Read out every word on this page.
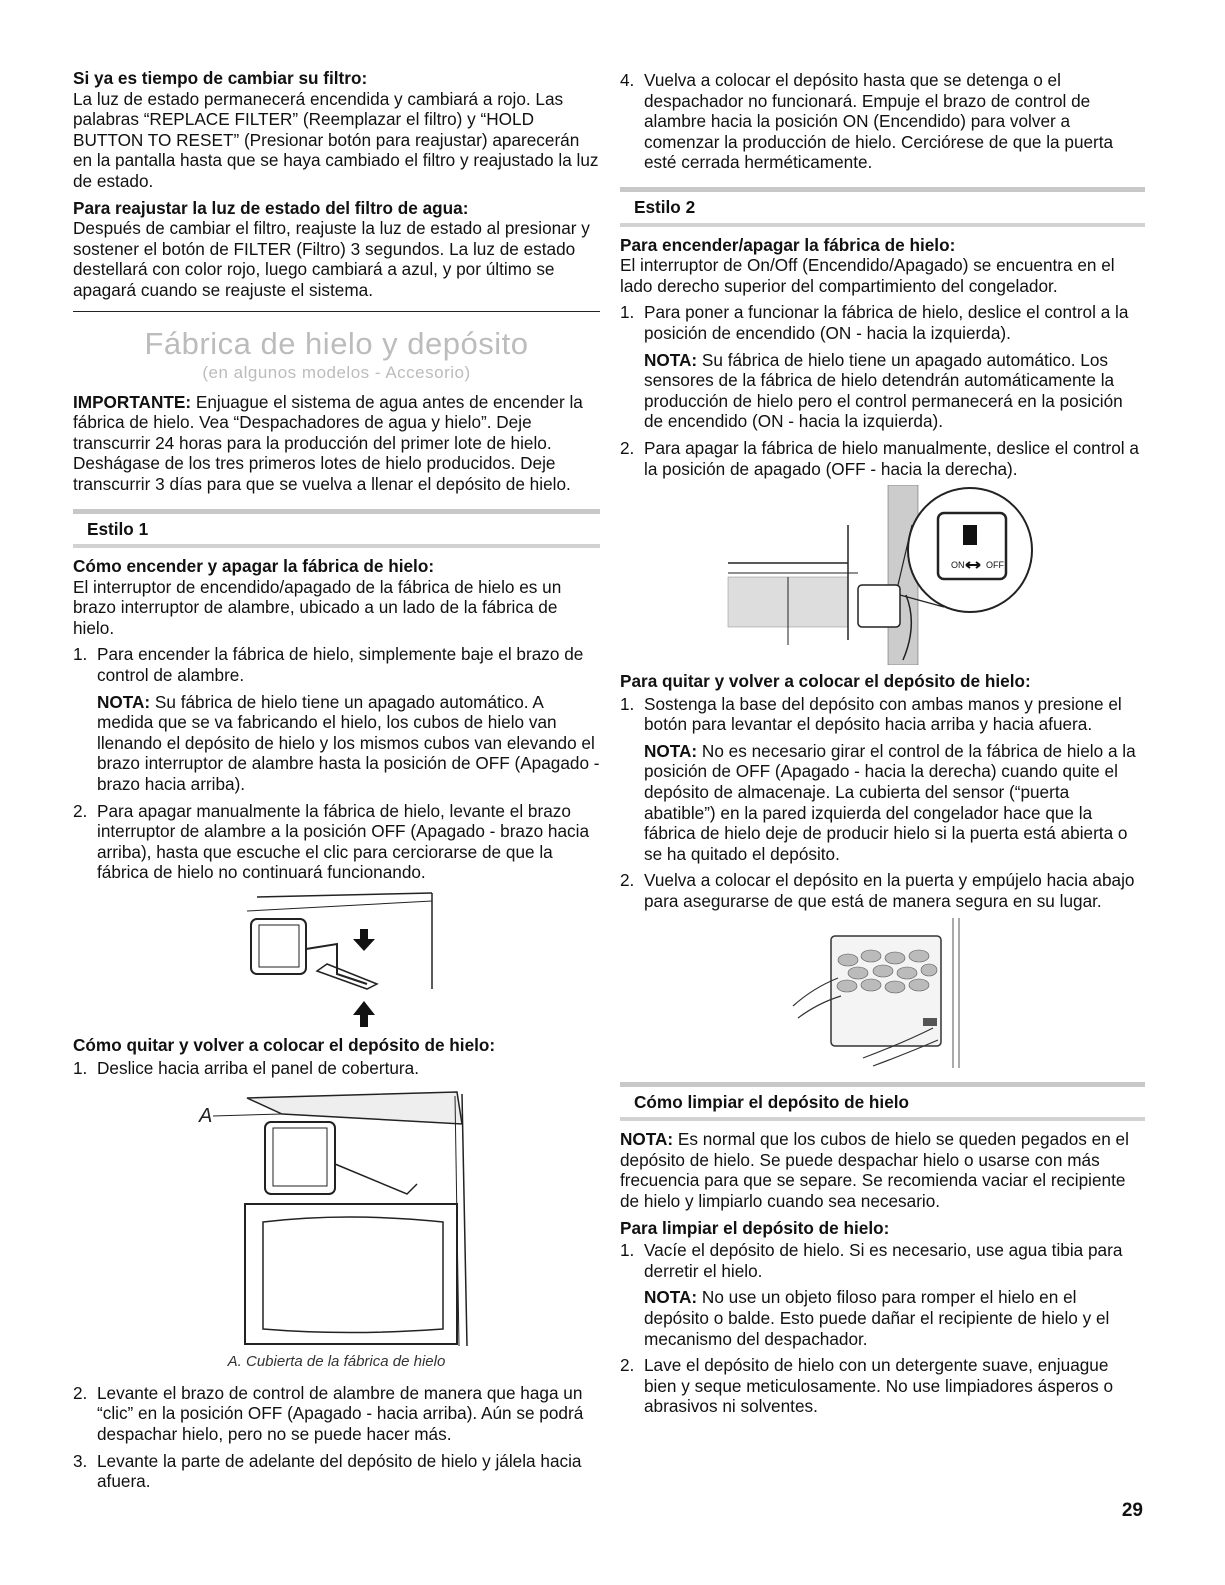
Si ya es tiempo de cambiar su filtro:

La luz de estado permanecerá encendida y cambiará a rojo. Las palabras “REPLACE FILTER” (Reemplazar el filtro) y “HOLD BUTTON TO RESET” (Presionar botón para reajustar) aparecerán en la pantalla hasta que se haya cambiado el filtro y reajustado la luz de estado.

Para reajustar la luz de estado del filtro de agua:

Después de cambiar el filtro, reajuste la luz de estado al presionar y sostener el botón de FILTER (Filtro) 3 segundos. La luz de estado destellará con color rojo, luego cambiará a azul, y por último se apagará cuando se reajuste el sistema.

Fábrica de hielo y depósito
(en algunos modelos - Accesorio)

IMPORTANTE: Enjuague el sistema de agua antes de encender la fábrica de hielo. Vea “Despachadores de agua y hielo”. Deje transcurrir 24 horas para la producción del primer lote de hielo. Deshágase de los tres primeros lotes de hielo producidos. Deje transcurrir 3 días para que se vuelva a llenar el depósito de hielo.

Estilo 1

Cómo encender y apagar la fábrica de hielo:

El interruptor de encendido/apagado de la fábrica de hielo es un brazo interruptor de alambre, ubicado a un lado de la fábrica de hielo.

1. Para encender la fábrica de hielo, simplemente baje el brazo de control de alambre.

NOTA: Su fábrica de hielo tiene un apagado automático. A medida que se va fabricando el hielo, los cubos de hielo van llenando el depósito de hielo y los mismos cubos van elevando el brazo interruptor de alambre hasta la posición de OFF (Apagado - brazo hacia arriba).

2. Para apagar manualmente la fábrica de hielo, levante el brazo interruptor de alambre a la posición OFF (Apagado - brazo hacia arriba), hasta que escuche el clic para cerciorarse de que la fábrica de hielo no continuará funcionando.

Cómo quitar y volver a colocar el depósito de hielo:

1. Deslice hacia arriba el panel de cobertura.
A

A. Cubierta de la fábrica de hielo

2. Levante el brazo de control de alambre de manera que haga un “clic” en la posición OFF (Apagado - hacia arriba). Aún se podrá despachar hielo, pero no se puede hacer más.
3. Levante la parte de adelante del depósito de hielo y jálela hacia afuera.
4. Vuelva a colocar el depósito hasta que se detenga o el despachador no funcionará. Empuje el brazo de control de alambre hacia la posición ON (Encendido) para volver a comenzar la producción de hielo. Cerciórese de que la puerta esté cerrada herméticamente.
Estilo 2

Para encender/apagar la fábrica de hielo:

El interruptor de On/Off (Encendido/Apagado) se encuentra en el lado derecho superior del compartimiento del congelador.

1. Para poner a funcionar la fábrica de hielo, deslice el control a la posición de encendido (ON - hacia la izquierda).

NOTA: Su fábrica de hielo tiene un apagado automático. Los sensores de la fábrica de hielo detendrán automáticamente la producción de hielo pero el control permanecerá en la posición de encendido (ON - hacia la izquierda).

2. Para apagar la fábrica de hielo manualmente, deslice el control a la posición de apagado (OFF - hacia la derecha).
ON OFF

Para quitar y volver a colocar el depósito de hielo:

1. Sostenga la base del depósito con ambas manos y presione el botón para levantar el depósito hacia arriba y hacia afuera.

NOTA: No es necesario girar el control de la fábrica de hielo a la posición de OFF (Apagado - hacia la derecha) cuando quite el depósito de almacenaje. La cubierta del sensor (“puerta abatible”) en la pared izquierda del congelador hace que la fábrica de hielo deje de producir hielo si la puerta está abierta o se ha quitado el depósito.

2. Vuelva a colocar el depósito en la puerta y empújelo hacia abajo para asegurarse de que está de manera segura en su lugar.
Cómo limpiar el depósito de hielo

NOTA: Es normal que los cubos de hielo se queden pegados en el depósito de hielo. Se puede despachar hielo o usarse con más frecuencia para que se separe. Se recomienda vaciar el recipiente de hielo y limpiarlo cuando sea necesario.

Para limpiar el depósito de hielo:

1. Vacíe el depósito de hielo. Si es necesario, use agua tibia para derretir el hielo.

NOTA: No use un objeto filoso para romper el hielo en el depósito o balde. Esto puede dañar el recipiente de hielo y el mecanismo del despachador.

2. Lave el depósito de hielo con un detergente suave, enjuague bien y seque meticulosamente. No use limpiadores ásperos o abrasivos ni solventes.
29
